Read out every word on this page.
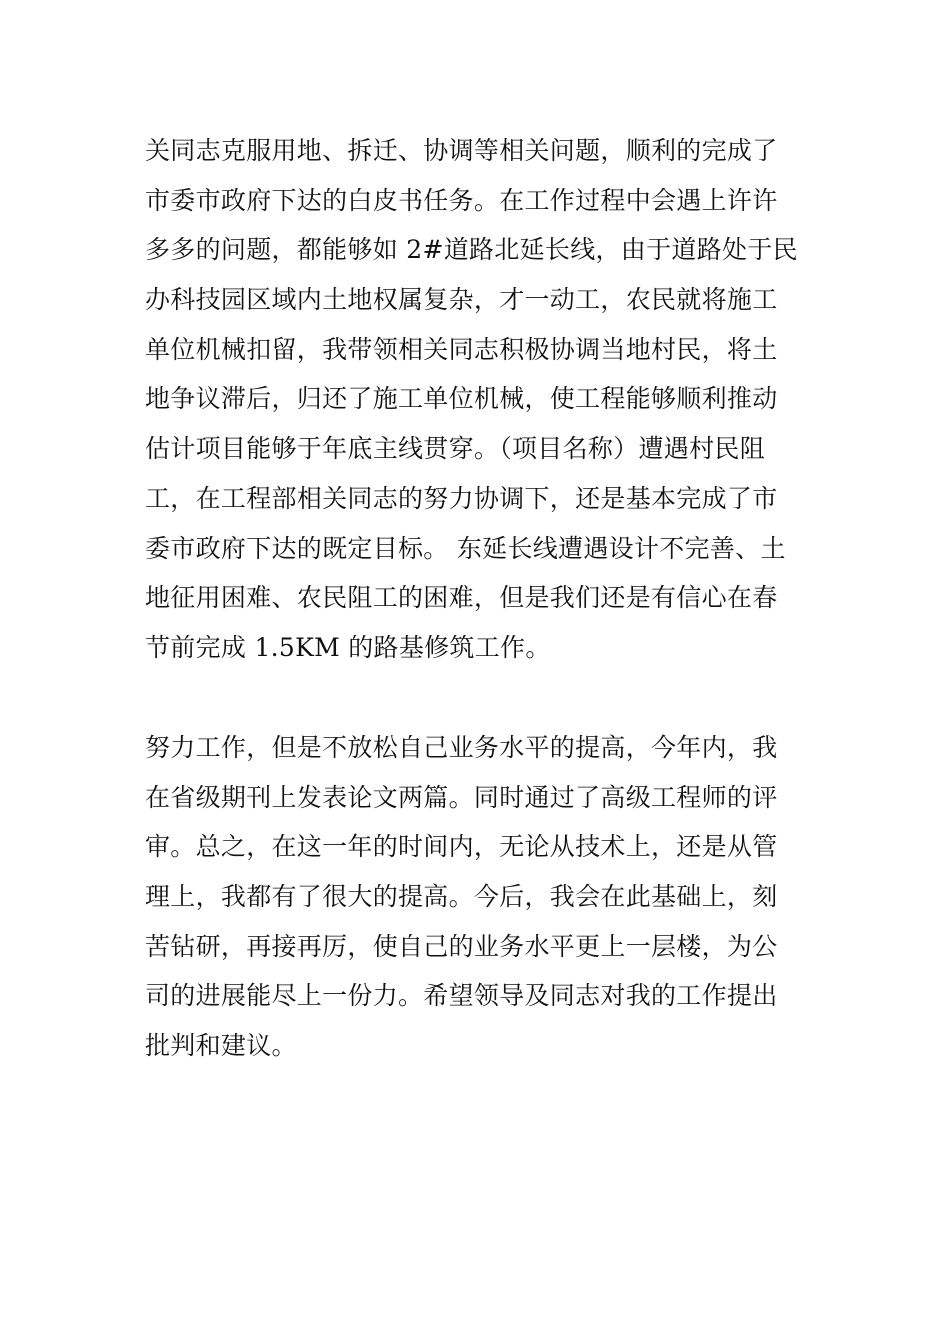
关同志克服用地、拆迁、协调等相关问题，顺利的完成了
市委市政府下达的白皮书任务。在工作过程中会遇上许许
多多的问题，都能够如 2#道路北延长线，由于道路处于民
办科技园区域内土地权属复杂，才一动工，农民就将施工
单位机械扣留，我带领相关同志积极协调当地村民，将土
地争议滞后，归还了施工单位机械，使工程能够顺利推动
估计项目能够于年底主线贯穿。（项目名称）遭遇村民阻
工，在工程部相关同志的努力协调下，还是基本完成了市
委市政府下达的既定目标。 东延长线遭遇设计不完善、土
地征用困难、农民阻工的困难，但是我们还是有信心在春
节前完成 1.5KM 的路基修筑工作。
努力工作，但是不放松自己业务水平的提高，今年内，我
在省级期刊上发表论文两篇。同时通过了高级工程师的评
审。总之，在这一年的时间内，无论从技术上，还是从管
理上，我都有了很大的提高。今后，我会在此基础上，刻
苦钻研，再接再厉，使自己的业务水平更上一层楼，为公
司的进展能尽上一份力。希望领导及同志对我的工作提出
批判和建议。
